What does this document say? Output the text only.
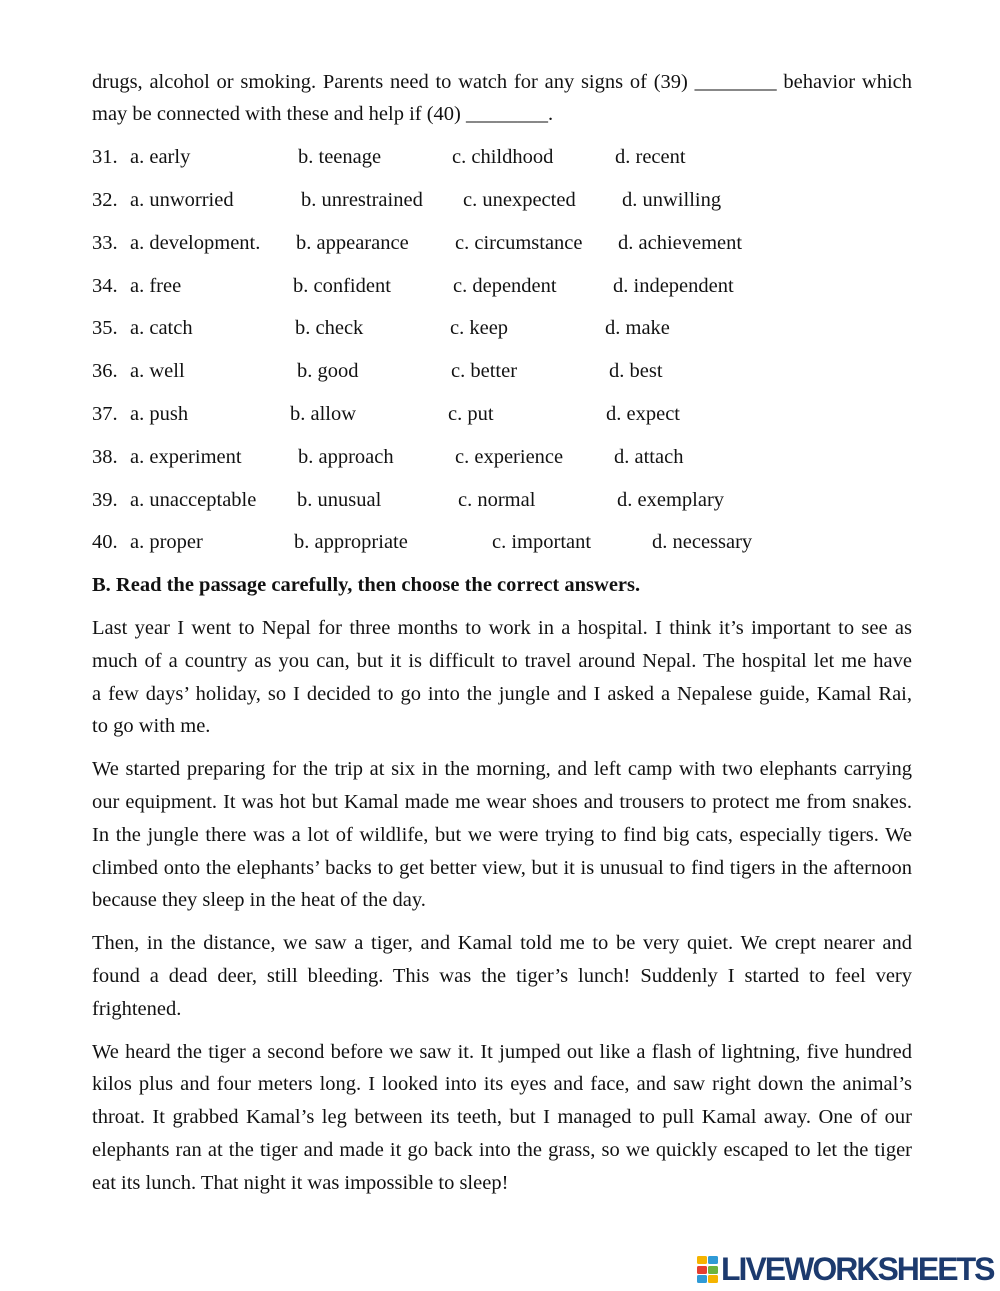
drugs, alcohol or smoking. Parents need to watch for any signs of (39) ________ behavior which
may be connected with these and help if (40) ________.
31. a. early	b. teenage	c. childhood	d. recent
32. a. unworried	b. unrestrained c. unexpected d. unwilling
33. a. development. b. appearance c. circumstance d. achievement
34. a. free	b. confident	c. dependent	d. independent
35. a. catch	b. check	c. keep	d. make
36. a. well	b. good	c. better	d. best
37. a. push	b. allow	c. put	d. expect
38. a. experiment	b. approach	c. experience d. attach
39. a. unacceptable b. unusual	c. normal	d. exemplary
40. a. proper	b. appropriate	c. important	d. necessary
B. Read the passage carefully, then choose the correct answers.
Last year I went to Nepal for three months to work in a hospital. I think it’s important to see as
much of a country as you can, but it is difficult to travel around Nepal. The hospital let me have
a few days’ holiday, so I decided to go into the jungle and I asked a Nepalese guide, Kamal Rai,
to go with me.
We started preparing for the trip at six in the morning, and left camp with two elephants carrying
our equipment. It was hot but Kamal made me wear shoes and trousers to protect me from snakes.
In the jungle there was a lot of wildlife, but we were trying to find big cats, especially tigers. We
climbed onto the elephants’ backs to get better view, but it is unusual to find tigers in the afternoon
because they sleep in the heat of the day.
Then, in the distance, we saw a tiger, and Kamal told me to be very quiet. We crept nearer and
found a dead deer, still bleeding. This was the tiger’s lunch! Suddenly I started to feel very
frightened.
We heard the tiger a second before we saw it. It jumped out like a flash of lightning, five hundred
kilos plus and four meters long. I looked into its eyes and face, and saw right down the animal’s
throat. It grabbed Kamal’s leg between its teeth, but I managed to pull Kamal away. One of our
elephants ran at the tiger and made it go back into the grass, so we quickly escaped to let the tiger
eat its lunch. That night it was impossible to sleep!
LIVEWORKSHEETS
